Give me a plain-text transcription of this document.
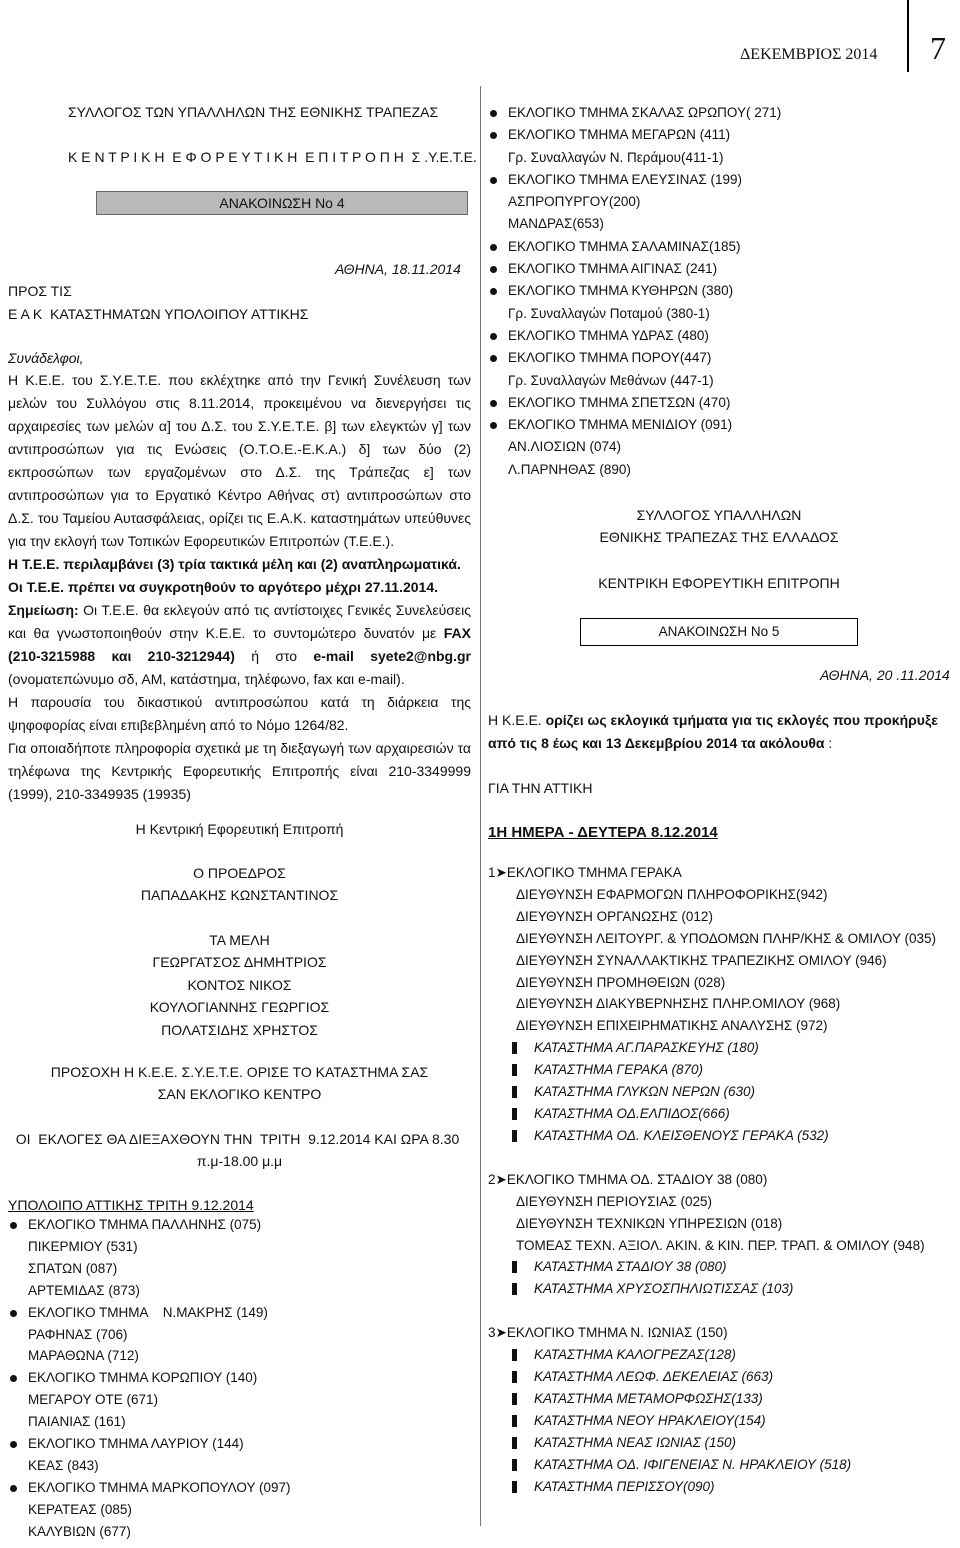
ΔΕΚΕΜΒΡΙΟΣ 2014 7
ΣΥΛΛΟΓΟΣ ΤΩΝ ΥΠΑΛΛΗΛΩΝ ΤΗΣ ΕΘΝΙΚΗΣ ΤΡΑΠΕΖΑΣ
Κ Ε Ν Τ Ρ Ι Κ Η  Ε Φ Ο Ρ Ε Υ Τ Ι Κ Η  Ε Π Ι Τ Ρ Ο Π Η  Σ .Υ.Ε.Τ.Ε.
ΑΝΑΚΟΙΝΩΣΗ Νο 4
ΑΘΗΝΑ, 18.11.2014
ΠΡΟΣ ΤΙΣ
Ε Α Κ  ΚΑΤΑΣΤΗΜΑΤΩΝ ΥΠΟΛΟΙΠΟΥ ΑΤΤΙΚΗΣ
Συνάδελφοι,
Η Κ.Ε.Ε. του Σ.Υ.Ε.Τ.Ε. που εκλέχτηκε από την Γενική Συνέλευση των μελών του Συλλόγου στις 8.11.2014, προκειμένου να διενεργήσει τις αρχαιρεσίες των μελών α] του Δ.Σ. του Σ.Υ.Ε.Τ.Ε. β] των ελεγκτών γ] των αντιπροσώπων για τις Ενώσεις (Ο.Τ.Ο.Ε.-Ε.Κ.Α.) δ] των δύο (2) εκπροσώπων των εργαζομένων στο Δ.Σ. της Τράπεζας ε] των αντιπροσώπων για το Εργατικό Κέντρο Αθήνας στ) αντιπροσώπων στο Δ.Σ. του Ταμείου Αυτασφάλειας, ορίζει τις Ε.Α.Κ. καταστημάτων υπεύθυνες για την εκλογή των Τοπικών Εφορευτικών Επιτροπών (Τ.Ε.Ε.).
Η Τ.Ε.Ε. περιλαμβάνει (3) τρία τακτικά μέλη και (2) αναπληρωματικά.
Οι Τ.Ε.Ε. πρέπει να συγκροτηθούν το αργότερο μέχρι 27.11.2014.
Σημείωση: Οι Τ.Ε.Ε. θα εκλεγούν από τις αντίστοιχες Γενικές Συνελεύσεις και θα γνωστοποιηθούν στην Κ.Ε.Ε. το συντομώτερο δυνατόν με FAX (210-3215988 και 210-3212944) ή στο e-mail syete2@nbg.gr (ονοματεπώνυμο σδ, ΑΜ, κατάστημα, τηλέφωνο, fax και e-mail).
Η παρουσία του δικαστικού αντιπροσώπου κατά τη διάρκεια της ψηφοφορίας είναι επιβεβλημένη από το Νόμο 1264/82.
Για οποιαδήποτε πληροφορία σχετικά με τη διεξαγωγή των αρχαιρεσιών τα τηλέφωνα της Κεντρικής Εφορευτικής Επιτροπής είναι 210-3349999 (1999), 210-3349935 (19935)
Η Κεντρική Εφορευτική Επιτροπή
Ο ΠΡΟΕΔΡΟΣ
ΠΑΠΑΔΑΚΗΣ ΚΩΝΣΤΑΝΤΙΝΟΣ
ΤΑ ΜΕΛΗ
ΓΕΩΡΓΑΤΣΟΣ ΔΗΜΗΤΡΙΟΣ
ΚΟΝΤΟΣ ΝΙΚΟΣ
ΚΟΥΛΟΓΙΑΝΝΗΣ ΓΕΩΡΓΙΟΣ
ΠΟΛΑΤΣΙΔΗΣ ΧΡΗΣΤΟΣ
ΠΡΟΣΟΧΗ Η Κ.Ε.Ε. Σ.Υ.Ε.Τ.Ε. ΟΡΙΣΕ ΤΟ ΚΑΤΑΣΤΗΜΑ ΣΑΣ
ΣΑΝ ΕΚΛΟΓΙΚΟ ΚΕΝΤΡΟ
ΟΙ  ΕΚΛΟΓΕΣ ΘΑ ΔΙΕΞΑΧΘΟΥΝ ΤΗΝ  ΤΡΙΤΗ  9.12.2014 ΚΑΙ ΩΡΑ 8.30
π.μ-18.00 μ.μ
ΥΠΟΛΟΙΠΟ ΑΤΤΙΚΗΣ ΤΡΙΤΗ 9.12.2014
ΕΚΛΟΓΙΚΟ ΤΜΗΜΑ ΠΑΛΛΗΝΗΣ (075)
ΠΙΚΕΡΜΙΟΥ (531)
ΣΠΑΤΩΝ (087)
ΑΡΤΕΜΙΔΑΣ (873)
ΕΚΛΟΓΙΚΟ ΤΜΗΜΑ    Ν.ΜΑΚΡΗΣ (149)
ΡΑΦΗΝΑΣ (706)
ΜΑΡΑΘΩΝΑ (712)
ΕΚΛΟΓΙΚΟ ΤΜΗΜΑ ΚΟΡΩΠΙΟΥ (140)
ΜΕΓΑΡΟΥ ΟΤΕ (671)
ΠΑΙΑΝΙΑΣ (161)
ΕΚΛΟΓΙΚΟ ΤΜΗΜΑ ΛΑΥΡΙΟΥ (144)
ΚΕΑΣ (843)
ΕΚΛΟΓΙΚΟ ΤΜΗΜΑ ΜΑΡΚΟΠΟΥΛΟΥ (097)
ΚΕΡΑΤΕΑΣ (085)
ΚΑΛΥΒΙΩΝ (677)
ΕΚΛΟΓΙΚΟ ΤΜΗΜΑ ΣΚΑΛΑΣ ΩΡΩΠΟΥ( 271)
ΕΚΛΟΓΙΚΟ ΤΜΗΜΑ ΜΕΓΑΡΩΝ (411)
Γρ. Συναλλαγών Ν. Περάμου(411-1)
ΕΚΛΟΓΙΚΟ ΤΜΗΜΑ ΕΛΕΥΣΙΝΑΣ (199)
ΑΣΠΡΟΠΥΡΓΟΥ(200)
ΜΑΝΔΡΑΣ(653)
ΕΚΛΟΓΙΚΟ ΤΜΗΜΑ ΣΑΛΑΜΙΝΑΣ(185)
ΕΚΛΟΓΙΚΟ ΤΜΗΜΑ ΑΙΓΙΝΑΣ (241)
ΕΚΛΟΓΙΚΟ ΤΜΗΜΑ ΚΥΘΗΡΩΝ (380)
Γρ. Συναλλαγών Ποταμού (380-1)
ΕΚΛΟΓΙΚΟ ΤΜΗΜΑ ΥΔΡΑΣ (480)
ΕΚΛΟΓΙΚΟ ΤΜΗΜΑ ΠΟΡΟΥ(447)
Γρ. Συναλλαγών Μεθάνων (447-1)
ΕΚΛΟΓΙΚΟ ΤΜΗΜΑ ΣΠΕΤΣΩΝ (470)
ΕΚΛΟΓΙΚΟ ΤΜΗΜΑ ΜΕΝΙΔΙΟΥ (091)
ΑΝ.ΛΙΟΣΙΩΝ (074)
Λ.ΠΑΡΝΗΘΑΣ (890)
ΣΥΛΛΟΓΟΣ ΥΠΑΛΛΗΛΩΝ
ΕΘΝΙΚΗΣ ΤΡΑΠΕΖΑΣ ΤΗΣ ΕΛΛΑΔΟΣ
ΚΕΝΤΡΙΚΗ ΕΦΟΡΕΥΤΙΚΗ ΕΠΙΤΡΟΠΗ
ΑΝΑΚΟΙΝΩΣΗ Νο 5
ΑΘΗΝΑ, 20 .11.2014
Η Κ.Ε.Ε. ορίζει ως εκλογικά τμήματα για τις εκλογές που προκήρυξε από τις 8 έως και 13 Δεκεμβρίου 2014 τα ακόλουθα :
ΓΙΑ ΤΗΝ ΑΤΤΙΚΗ
1Η ΗΜΕΡΑ - ΔΕΥΤΕΡΑ 8.12.2014
1➤ΕΚΛΟΓΙΚΟ ΤΜΗΜΑ ΓΕΡΑΚΑ
ΔΙΕΥΘΥΝΣΗ ΕΦΑΡΜΟΓΩΝ ΠΛΗΡΟΦΟΡΙΚΗΣ(942)
ΔΙΕΥΘΥΝΣΗ ΟΡΓΑΝΩΣΗΣ (012)
ΔΙΕΥΘΥΝΣΗ ΛΕΙΤΟΥΡΓ. & ΥΠΟΔΟΜΩΝ ΠΛΗΡ/ΚΗΣ & ΟΜΙΛΟΥ (035)
ΔΙΕΥΘΥΝΣΗ ΣΥΝΑΛΛΑΚΤΙΚΗΣ ΤΡΑΠΕΖΙΚΗΣ ΟΜΙΛΟΥ (946)
ΔΙΕΥΘΥΝΣΗ ΠΡΟΜΗΘΕΙΩΝ (028)
ΔΙΕΥΘΥΝΣΗ ΔΙΑΚΥΒΕΡΝΗΣΗΣ ΠΛΗΡ.ΟΜΙΛΟΥ (968)
ΔΙΕΥΘΥΝΣΗ ΕΠΙΧΕΙΡΗΜΑΤΙΚΗΣ ΑΝΑΛΥΣΗΣ (972)
ΚΑΤΑΣΤΗΜΑ ΑΓ.ΠΑΡΑΣΚΕΥΗΣ (180)
ΚΑΤΑΣΤΗΜΑ ΓΕΡΑΚΑ (870)
ΚΑΤΑΣΤΗΜΑ ΓΛΥΚΩΝ ΝΕΡΩΝ (630)
ΚΑΤΑΣΤΗΜΑ ΟΔ.ΕΛΠΙΔΟΣ(666)
ΚΑΤΑΣΤΗΜΑ ΟΔ. ΚΛΕΙΣΘΕΝΟΥΣ ΓΕΡΑΚΑ (532)
2➤ΕΚΛΟΓΙΚΟ ΤΜΗΜΑ ΟΔ. ΣΤΑΔΙΟΥ 38 (080)
ΔΙΕΥΘΥΝΣΗ ΠΕΡΙΟΥΣΙΑΣ (025)
ΔΙΕΥΘΥΝΣΗ ΤΕΧΝΙΚΩΝ ΥΠΗΡΕΣΙΩΝ (018)
ΤΟΜΕΑΣ ΤΕΧΝ. ΑΞΙΟΛ. ΑΚΙΝ. & ΚΙΝ. ΠΕΡ. ΤΡΑΠ. & ΟΜΙΛΟΥ (948)
ΚΑΤΑΣΤΗΜΑ ΣΤΑΔΙΟΥ 38 (080)
ΚΑΤΑΣΤΗΜΑ ΧΡΥΣΟΣΠΗΛΙΩΤΙΣΣΑΣ (103)
3➤ΕΚΛΟΓΙΚΟ ΤΜΗΜΑ Ν. ΙΩΝΙΑΣ (150)
ΚΑΤΑΣΤΗΜΑ ΚΑΛΟΓΡΕΖΑΣ(128)
ΚΑΤΑΣΤΗΜΑ ΛΕΩΦ. ΔΕΚΕΛΕΙΑΣ (663)
ΚΑΤΑΣΤΗΜΑ ΜΕΤΑΜΟΡΦΩΣΗΣ(133)
ΚΑΤΑΣΤΗΜΑ ΝΕΟΥ ΗΡΑΚΛΕΙΟΥ(154)
ΚΑΤΑΣΤΗΜΑ ΝΕΑΣ ΙΩΝΙΑΣ (150)
ΚΑΤΑΣΤΗΜΑ ΟΔ. ΙΦΙΓΕΝΕΙΑΣ Ν. ΗΡΑΚΛΕΙΟΥ (518)
ΚΑΤΑΣΤΗΜΑ ΠΕΡΙΣΣΟΥ(090)
